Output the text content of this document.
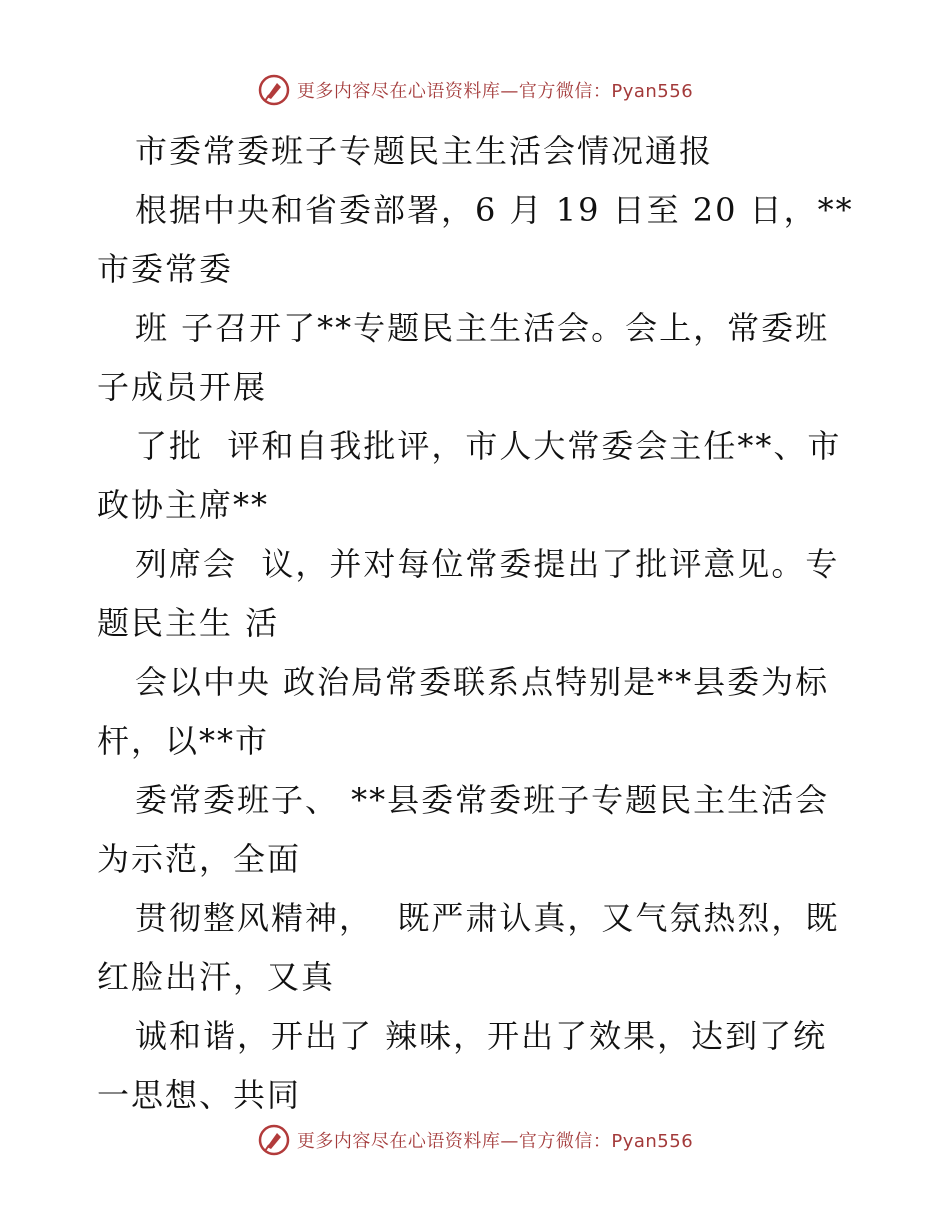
更多内容尽在心语资料库—官方微信：Pyan556
市委常委班子专题民主生活会情况通报
根据中央和省委部署，6 月 19 日至 20 日，**
市委常委
班 子召开了**专题民主生活会。会上，常委班
子成员开展
了批  评和自我批评，市人大常委会主任**、市
政协主席**
列席会  议，并对每位常委提出了批评意见。专
题民主生 活
会以中央 政治局常委联系点特别是**县委为标
杆，以**市
委常委班子、 **县委常委班子专题民主生活会
为示范，全面
贯彻整风精神，  既严肃认真，又气氛热烈，既
红脸出汗，又真
诚和谐，开出了 辣味，开出了效果，达到了统
一思想、共同
更多内容尽在心语资料库—官方微信：Pyan556
